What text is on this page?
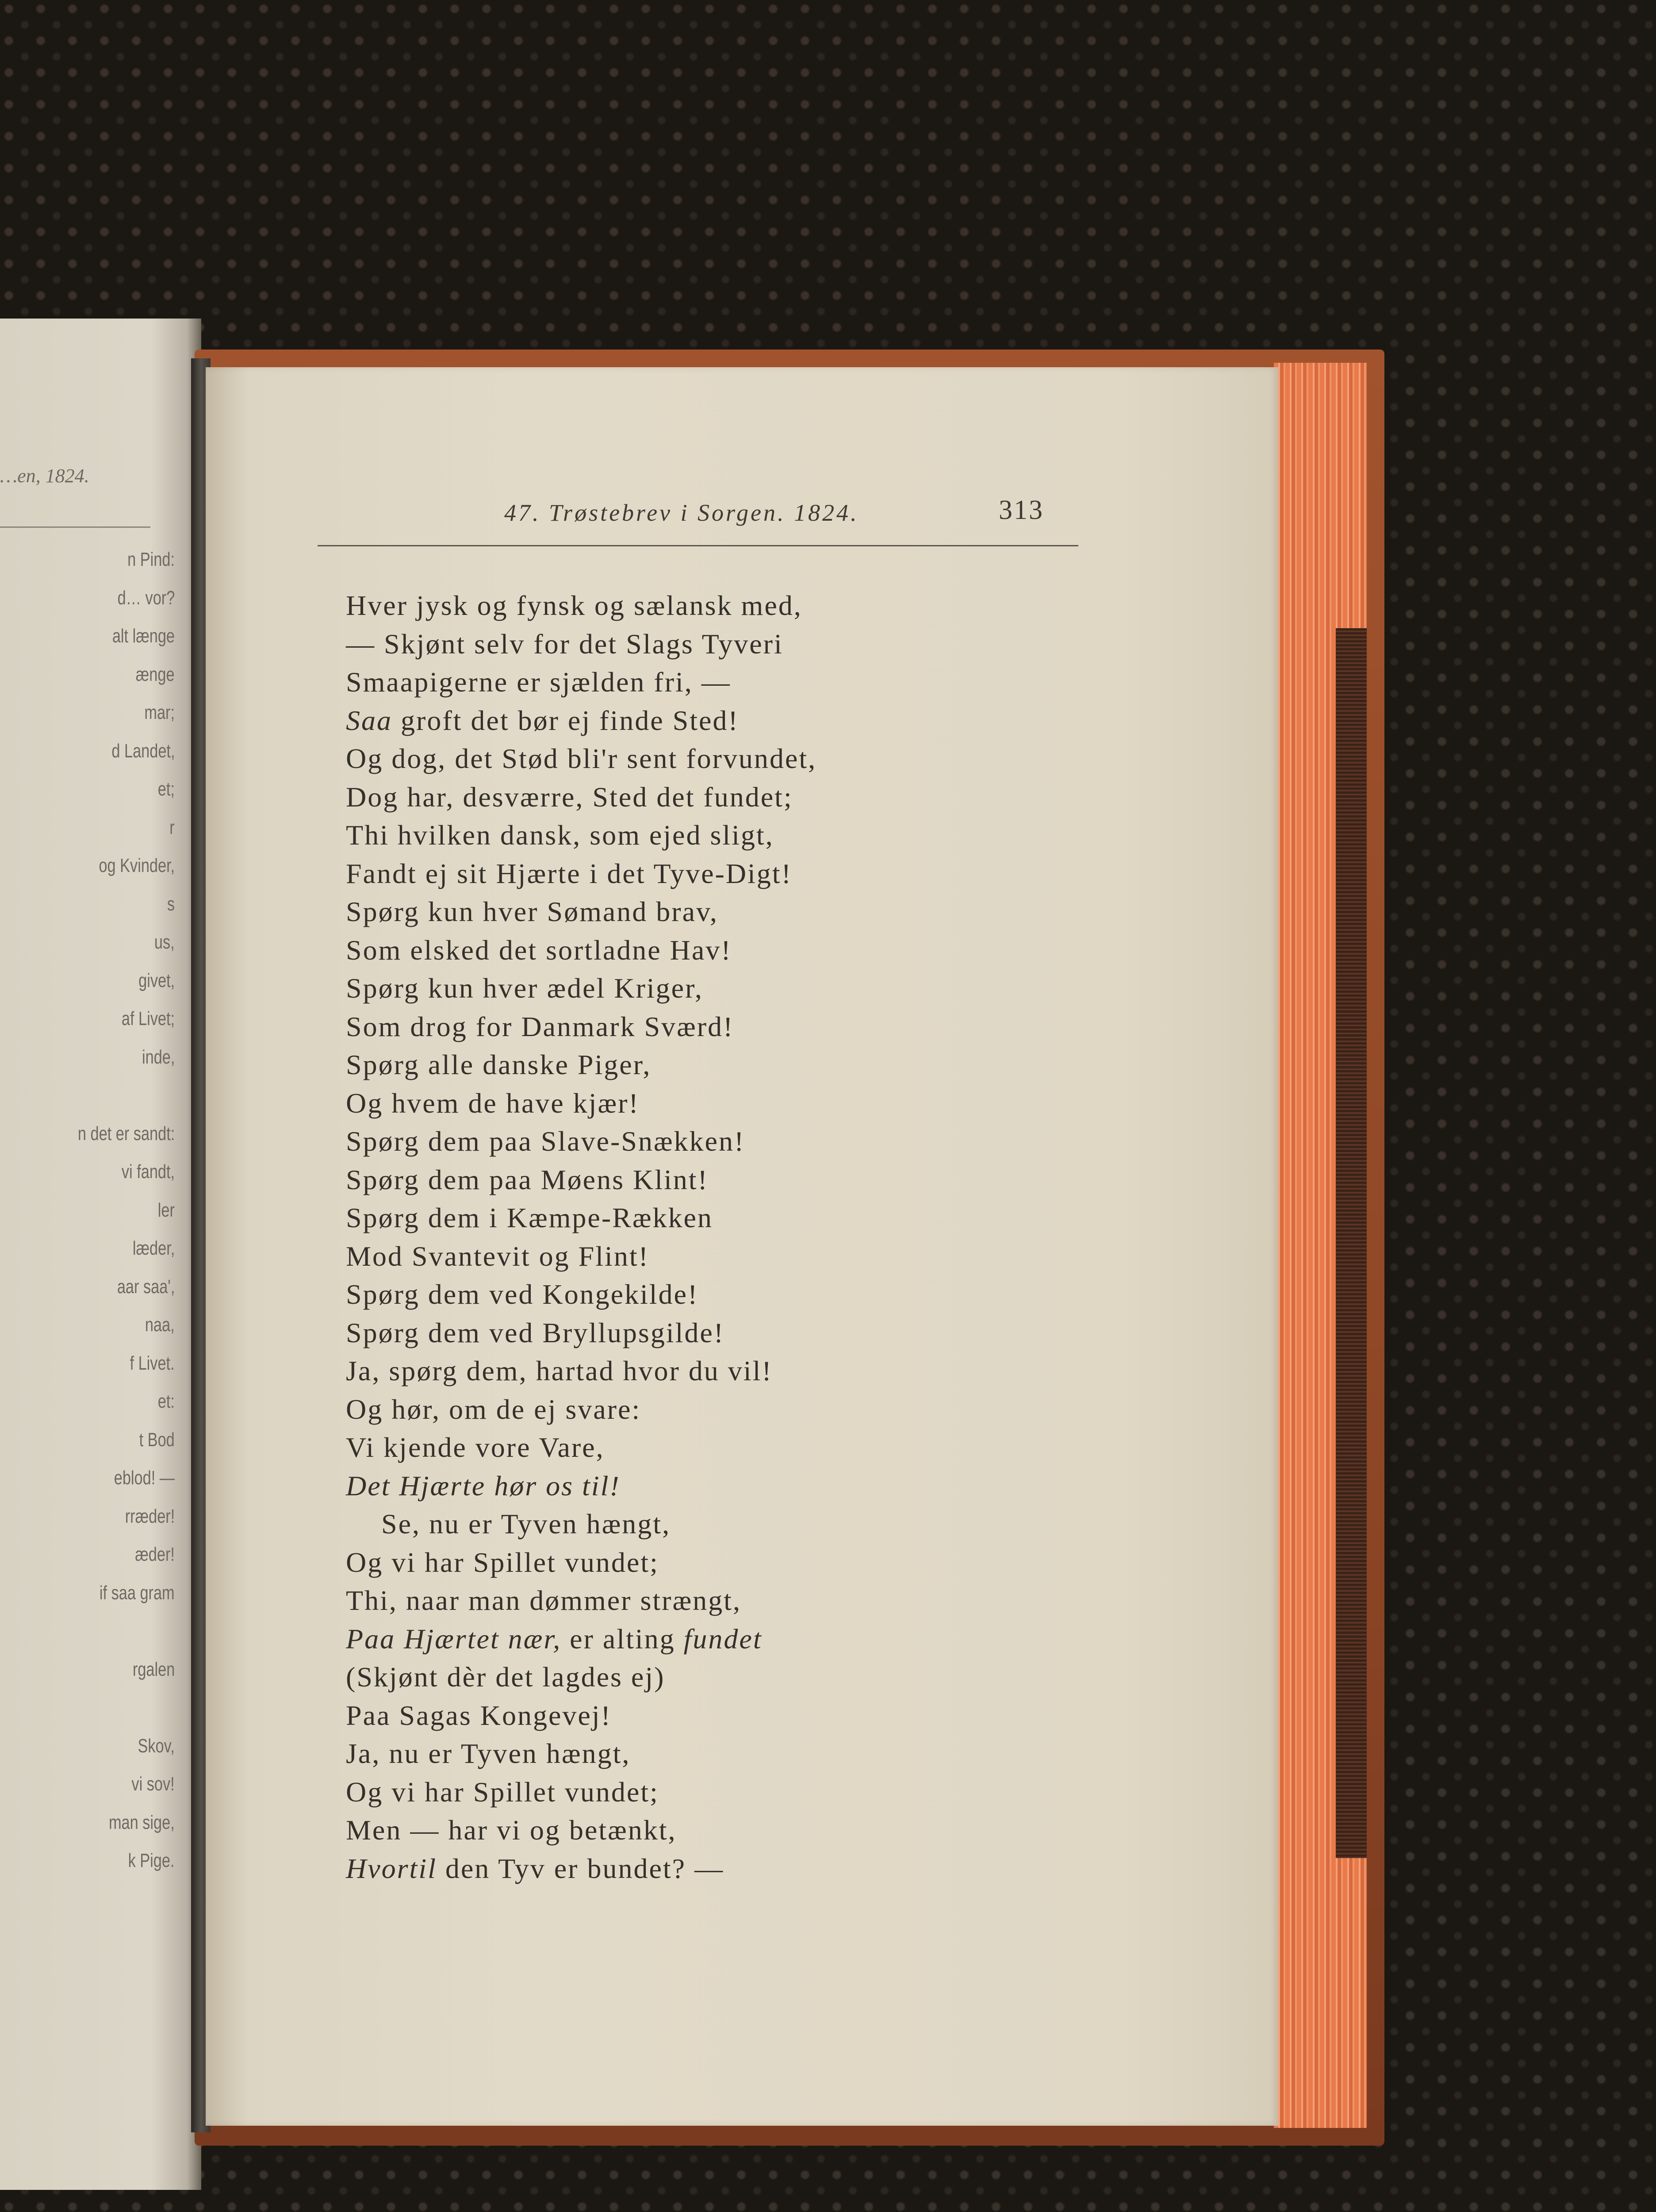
…en, 1824.
n Pind:
d… vor?
alt længe
ænge
mar;
d Landet,
et;
r
og Kvinder,
s
us,
givet,
af Livet;
inde,
n det er sandt:
vi fandt,
ler
læder,
aar saa',
naa,
f Livet.
et:
t Bod
eblod! —
rræder!
æder!
if saa gram
rgalen
Skov,
vi sov!
man sige,
k Pige.
47. Trøstebrev i Sorgen. 1824.	313
Hver jysk og fynsk og sælansk med,
— Skjønt selv for det Slags Tyveri
Smaapigerne er sjælden fri, —
Saa groft det bør ej finde Sted!
Og dog, det Stød bli'r sent forvundet,
Dog har, desværre, Sted det fundet;
Thi hvilken dansk, som ejed sligt,
Fandt ej sit Hjærte i det Tyve-Digt!
Spørg kun hver Sømand brav,
Som elsked det sortladne Hav!
Spørg kun hver ædel Kriger,
Som drog for Danmark Sværd!
Spørg alle danske Piger,
Og hvem de have kjær!
Spørg dem paa Slave-Snækken!
Spørg dem paa Møens Klint!
Spørg dem i Kæmpe-Rækken
Mod Svantevit og Flint!
Spørg dem ved Kongekilde!
Spørg dem ved Bryllupsgilde!
Ja, spørg dem, hartad hvor du vil!
Og hør, om de ej svare:
Vi kjende vore Vare,
Det Hjærte hør os til!
Se, nu er Tyven hængt,
Og vi har Spillet vundet;
Thi, naar man dømmer strængt,
Paa Hjærtet nær, er alting fundet
(Skjønt dèr det lagdes ej)
Paa Sagas Kongevej!
Ja, nu er Tyven hængt,
Og vi har Spillet vundet;
Men — har vi og betænkt,
Hvortil den Tyv er bundet? —
